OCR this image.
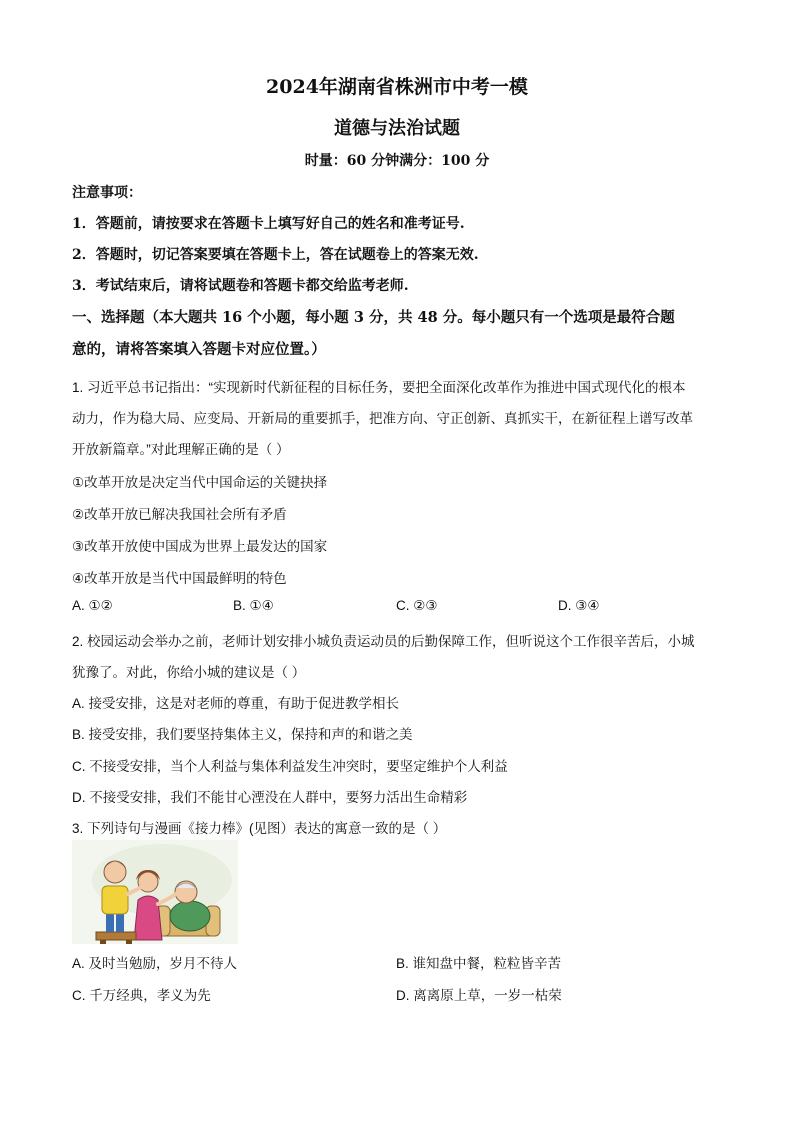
2024年湖南省株洲市中考一模
道德与法治试题
时量：60 分钟满分：100 分
注意事项：
1．答题前，请按要求在答题卡上填写好自己的姓名和准考证号.
2．答题时，切记答案要填在答题卡上，答在试题卷上的答案无效.
3．考试结束后，请将试题卷和答题卡都交给监考老师.
一、选择题（本大题共 16 个小题，每小题 3 分，共 48 分。每小题只有一个选项是最符合题
意的，请将答案填入答题卡对应位置。）
1. 习近平总书记指出：“实现新时代新征程的目标任务，要把全面深化改革作为推进中国式现代化的根本
动力，作为稳大局、应变局、开新局的重要抓手，把准方向、守正创新、真抓实干，在新征程上谱写改革
开放新篇章。”对此理解正确的是（ ）
①改革开放是决定当代中国命运的关键抉择
②改革开放已解决我国社会所有矛盾
③改革开放使中国成为世界上最发达的国家
④改革开放是当代中国最鲜明的特色
A. ①②	B. ①④	C. ②③	D. ③④
2. 校园运动会举办之前，老师计划安排小城负责运动员的后勤保障工作，但听说这个工作很辛苦后，小城
犹豫了。对此，你给小城的建议是（ ）
A. 接受安排，这是对老师的尊重，有助于促进教学相长
B. 接受安排，我们要坚持集体主义，保持和声的和谐之美
C. 不接受安排，当个人利益与集体利益发生冲突时，要坚定维护个人利益
D. 不接受安排，我们不能甘心湮没在人群中，要努力活出生命精彩
3. 下列诗句与漫画《接力棒》(见图）表达的寓意一致的是（ ）
A. 及时当勉励，岁月不待人	B. 谁知盘中餐，粒粒皆辛苦
C. 千万经典，孝义为先	D. 离离原上草，一岁一枯荣
